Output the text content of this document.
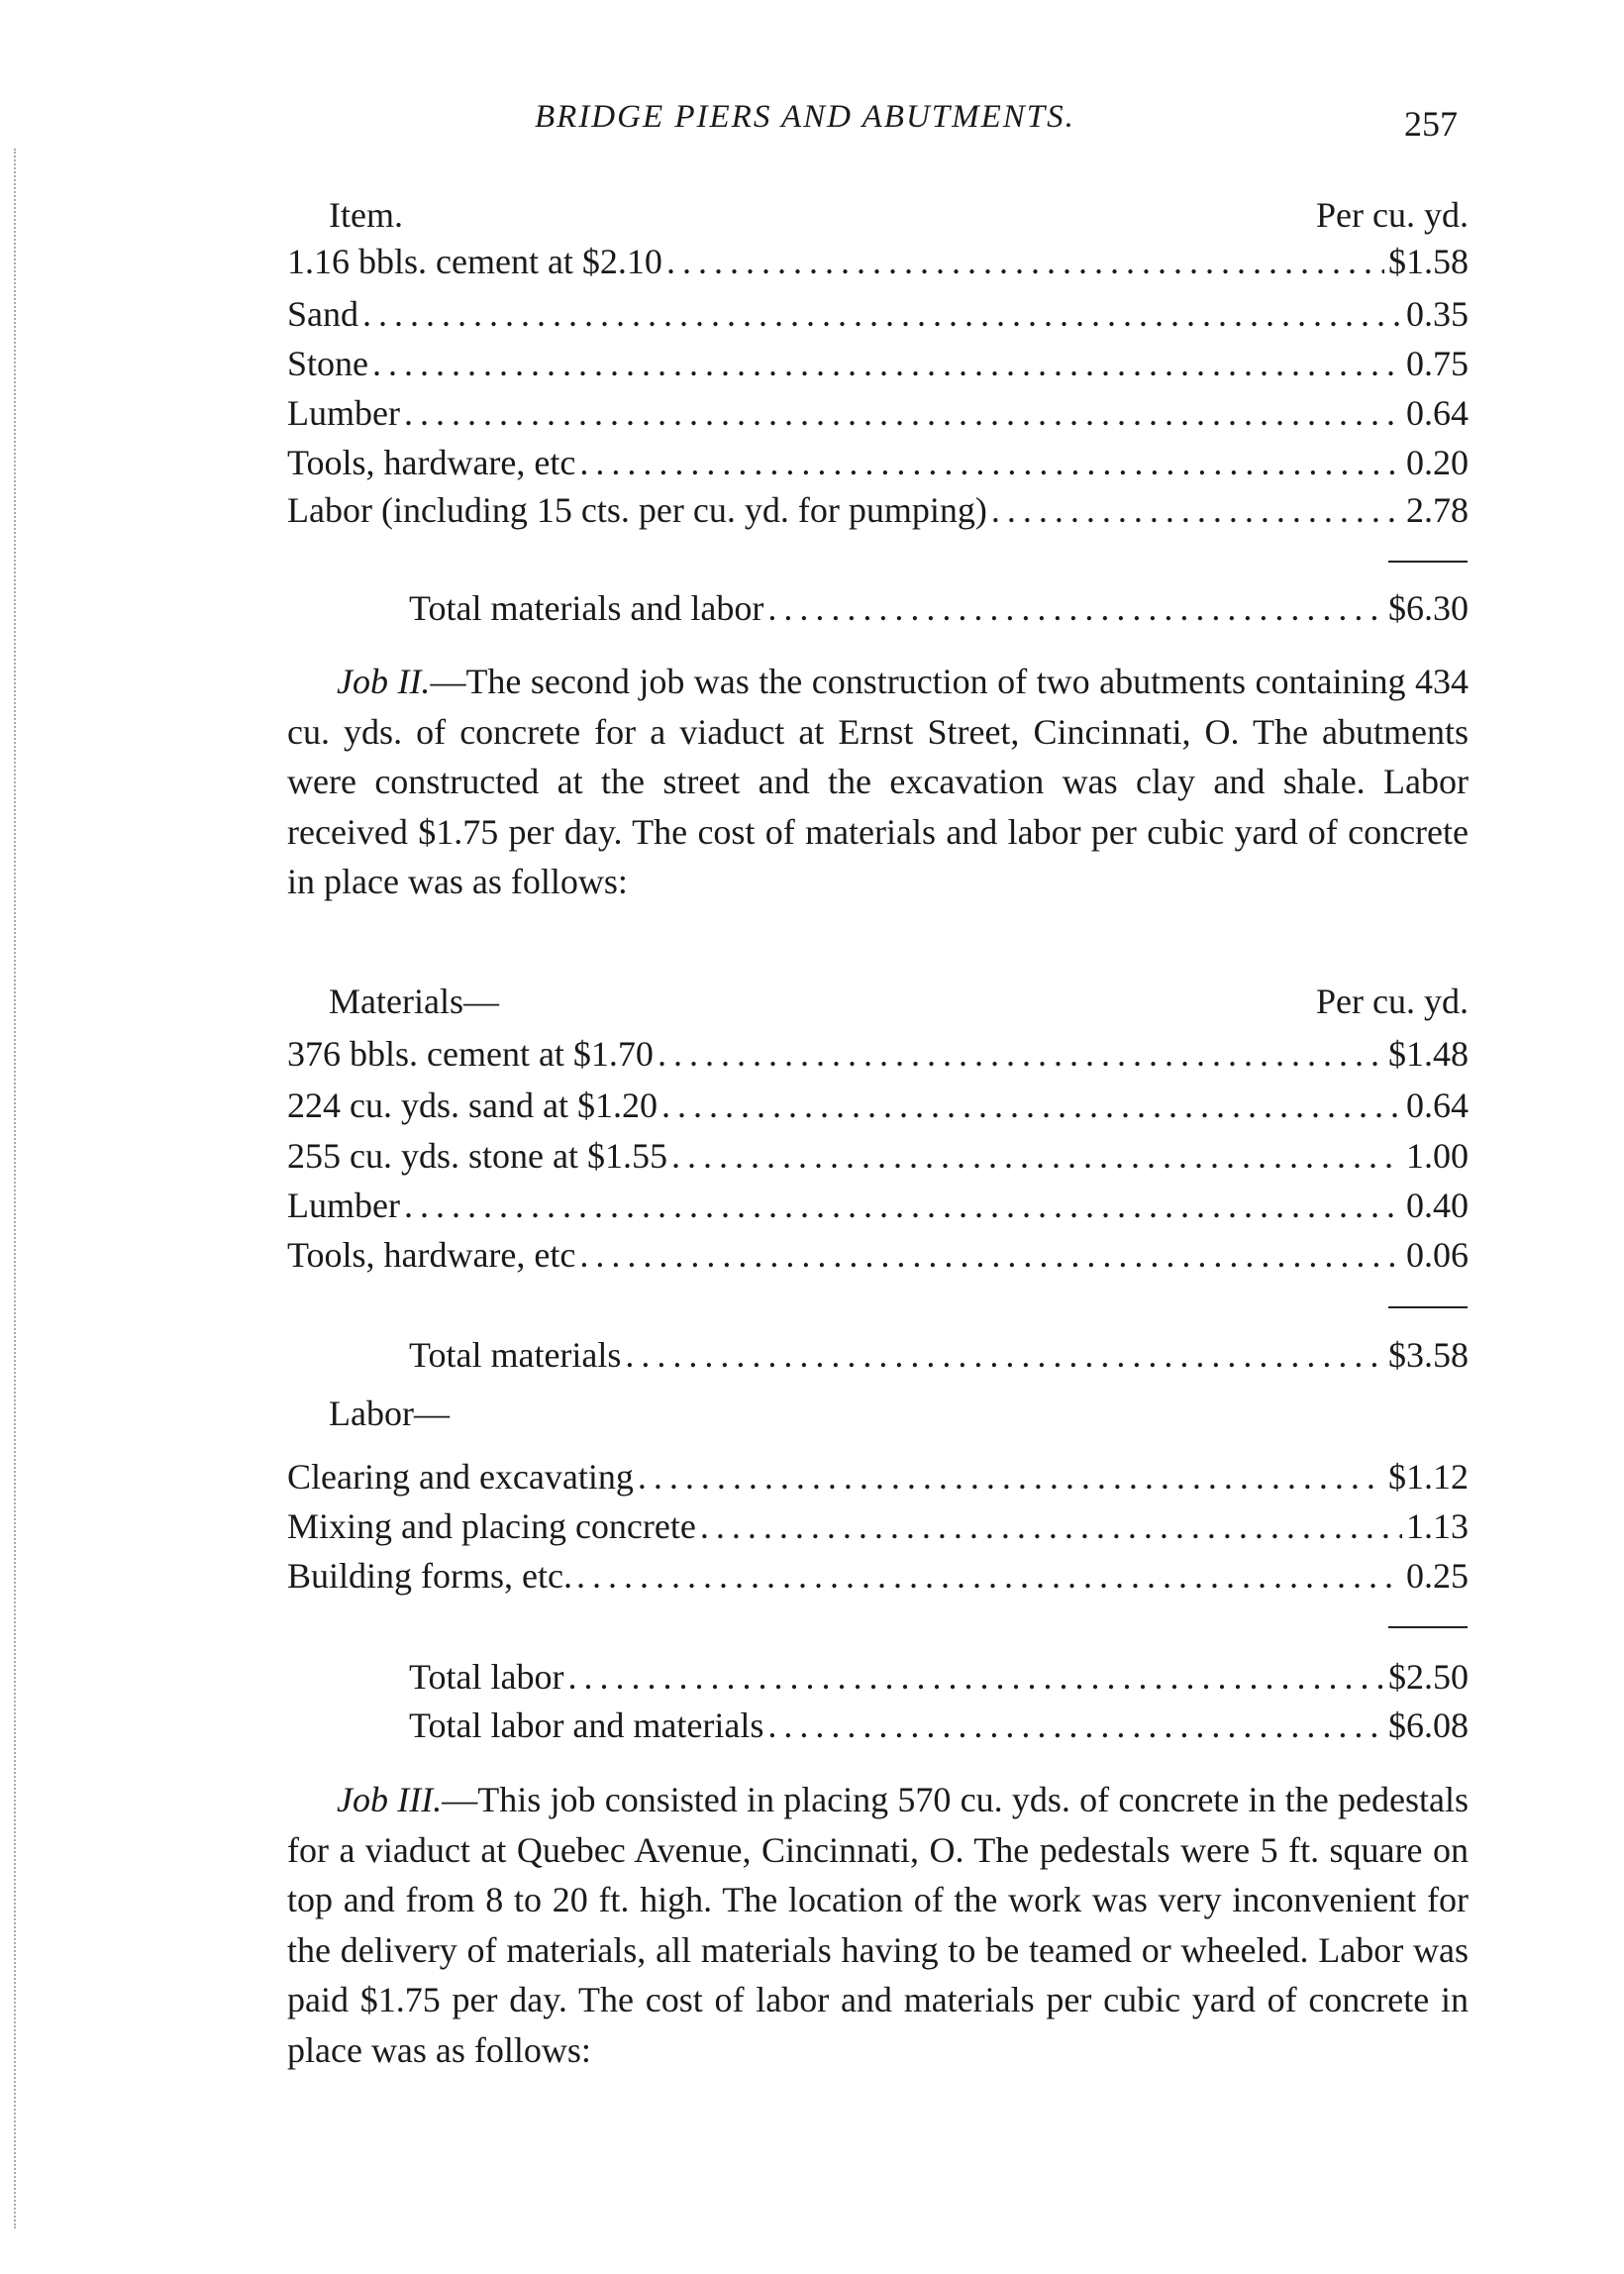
BRIDGE PIERS AND ABUTMENTS.	257
Item.	Per cu. yd.
1.16 bbls. cement at $2.10 . . .	$1.58
Sand . . .	0.35
Stone . . .	0.75
Lumber . . .	0.64
Tools, hardware, etc . . .	0.20
Labor (including 15 cts. per cu. yd. for pumping) . . .	2.78
Total materials and labor . . .	$6.30
Job II.—The second job was the construction of two abutments containing 434 cu. yds. of concrete for a viaduct at Ernst Street, Cincinnati, O. The abutments were constructed at the street and the excavation was clay and shale. Labor received $1.75 per day. The cost of materials and labor per cubic yard of concrete in place was as follows:
Materials—	Per cu. yd.
376 bbls. cement at $1.70 . . .	$1.48
224 cu. yds. sand at $1.20 . . .	0.64
255 cu. yds. stone at $1.55 . . .	1.00
Lumber . . .	0.40
Tools, hardware, etc . . .	0.06
Total materials . . .	$3.58
Labor—
Clearing and excavating . . .	$1.12
Mixing and placing concrete . . .	1.13
Building forms, etc. . . .	0.25
Total labor . . .	$2.50
Total labor and materials . . .	$6.08
Job III.—This job consisted in placing 570 cu. yds. of concrete in the pedestals for a viaduct at Quebec Avenue, Cincinnati, O. The pedestals were 5 ft. square on top and from 8 to 20 ft. high. The location of the work was very inconvenient for the delivery of materials, all materials having to be teamed or wheeled. Labor was paid $1.75 per day. The cost of labor and materials per cubic yard of concrete in place was as follows:
